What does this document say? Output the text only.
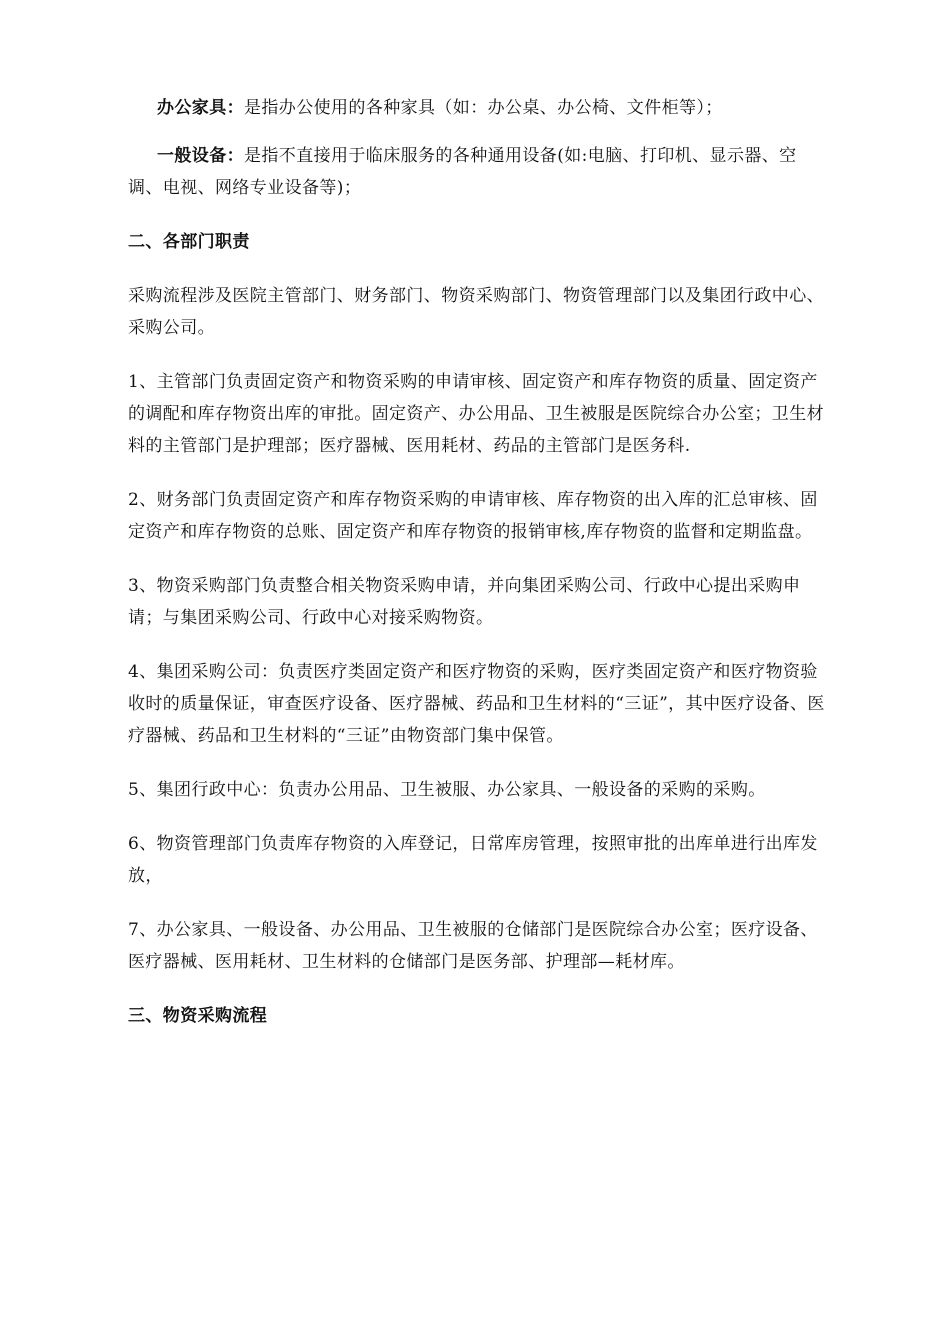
办公家具：是指办公使用的各种家具（如：办公桌、办公椅、文件柜等）；

一般设备：是指不直接用于临床服务的各种通用设备(如:电脑、打印机、显示器、空调、电视、网络专业设备等)；

二、各部门职责

采购流程涉及医院主管部门、财务部门、物资采购部门、物资管理部门以及集团行政中心、采购公司。

1、主管部门负责固定资产和物资采购的申请审核、固定资产和库存物资的质量、固定资产的调配和库存物资出库的审批。固定资产、办公用品、卫生被服是医院综合办公室；卫生材料的主管部门是护理部；医疗器械、医用耗材、药品的主管部门是医务科.

2、财务部门负责固定资产和库存物资采购的申请审核、库存物资的出入库的汇总审核、固定资产和库存物资的总账、固定资产和库存物资的报销审核,库存物资的监督和定期监盘。

3、物资采购部门负责整合相关物资采购申请，并向集团采购公司、行政中心提出采购申请；与集团采购公司、行政中心对接采购物资。

4、集团采购公司：负责医疗类固定资产和医疗物资的采购，医疗类固定资产和医疗物资验收时的质量保证，审查医疗设备、医疗器械、药品和卫生材料的“三证”，其中医疗设备、医疗器械、药品和卫生材料的“三证”由物资部门集中保管。

5、集团行政中心：负责办公用品、卫生被服、办公家具、一般设备的采购的采购。

6、物资管理部门负责库存物资的入库登记，日常库房管理，按照审批的出库单进行出库发放，

7、办公家具、一般设备、办公用品、卫生被服的仓储部门是医院综合办公室；医疗设备、医疗器械、医用耗材、卫生材料的仓储部门是医务部、护理部—耗材库。

三、物资采购流程
